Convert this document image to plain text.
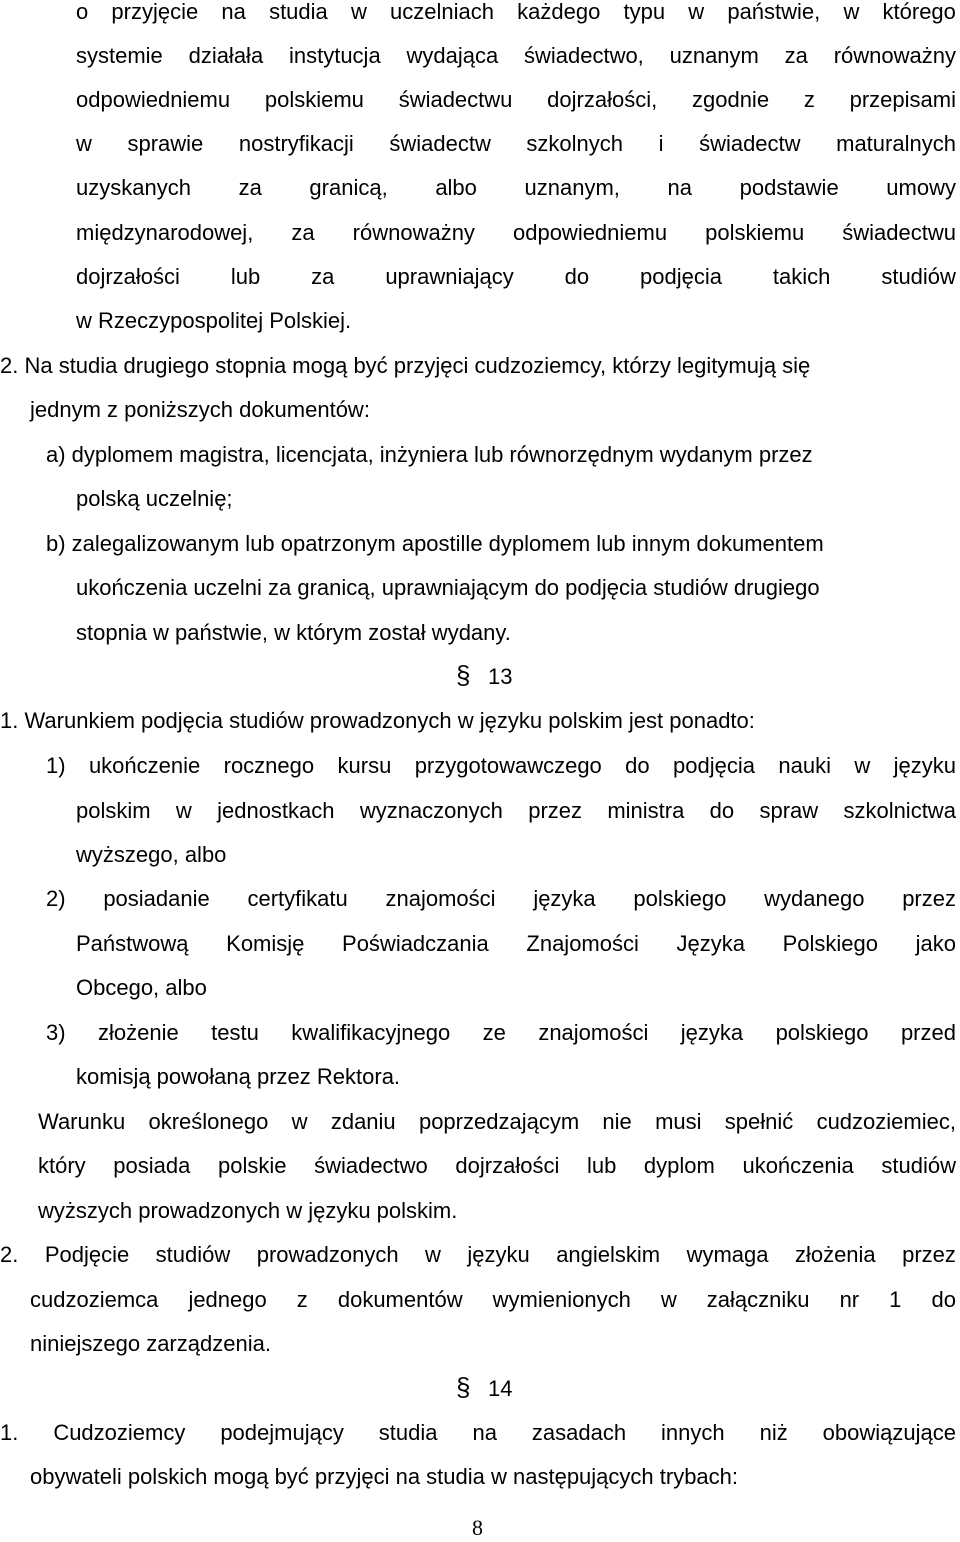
o przyjęcie na studia w uczelniach każdego typu w państwie, w którego
systemie działała instytucja wydająca świadectwo, uznanym za równoważny
odpowiedniemu polskiemu świadectwu dojrzałości, zgodnie z przepisami
w sprawie nostryfikacji świadectw szkolnych i świadectw maturalnych
uzyskanych za granicą, albo uznanym, na podstawie umowy
międzynarodowej, za równoważny odpowiedniemu polskiemu świadectwu
dojrzałości lub za uprawniający do podjęcia takich studiów
w Rzeczypospolitej Polskiej.
2. Na studia drugiego stopnia mogą być przyjęci cudzoziemcy, którzy legitymują się
jednym z poniższych dokumentów:
a) dyplomem magistra, licencjata, inżyniera lub równorzędnym wydanym przez
polską uczelnię;
b) zalegalizowanym lub opatrzonym apostille dyplomem lub innym dokumentem
ukończenia uczelni za granicą, uprawniającym do podjęcia studiów drugiego
stopnia w państwie, w którym został wydany.
§ 13
1. Warunkiem podjęcia studiów prowadzonych w języku polskim jest ponadto:
1) ukończenie rocznego kursu przygotowawczego do podjęcia nauki w języku
polskim w jednostkach wyznaczonych przez ministra do spraw szkolnictwa
wyższego, albo
2) posiadanie certyfikatu znajomości języka polskiego wydanego przez
Państwową Komisję Poświadczania Znajomości Języka Polskiego jako
Obcego, albo
3) złożenie testu kwalifikacyjnego ze znajomości języka polskiego przed
komisją powołaną przez Rektora.
Warunku określonego w zdaniu poprzedzającym nie musi spełnić cudzoziemiec,
który posiada polskie świadectwo dojrzałości lub dyplom ukończenia studiów
wyższych prowadzonych w języku polskim.
2. Podjęcie studiów prowadzonych w języku angielskim wymaga złożenia przez
cudzoziemca jednego z dokumentów wymienionych w załączniku nr 1 do
niniejszego zarządzenia.
§ 14
1. Cudzoziemcy podejmujący studia na zasadach innych niż obowiązujące
obywateli polskich mogą być przyjęci na studia w następujących trybach:
8
